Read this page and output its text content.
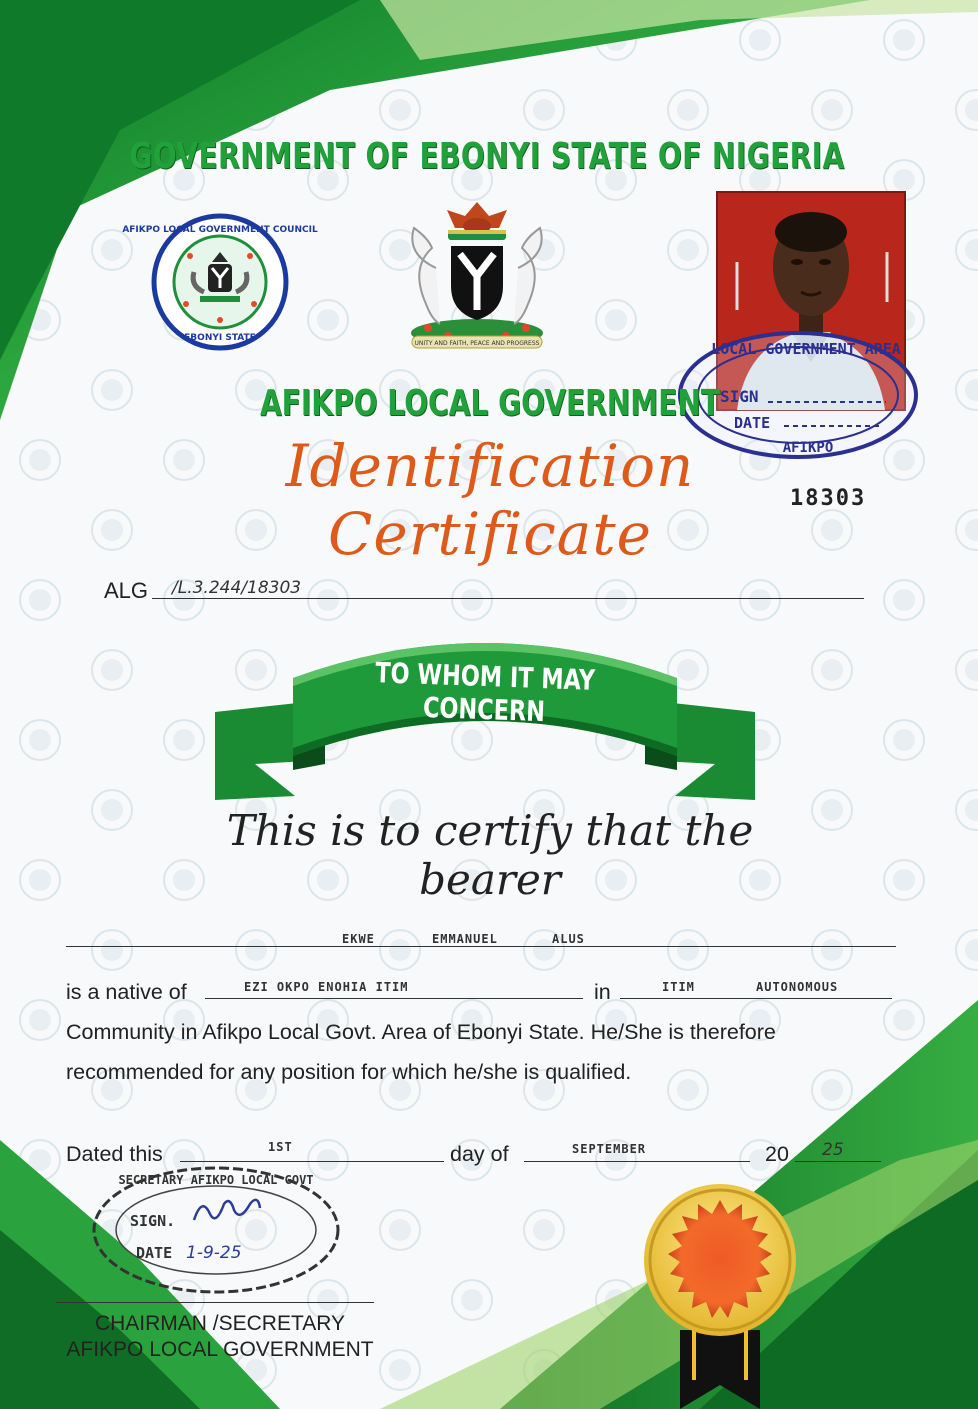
GOVERNMENT OF EBONYI STATE OF NIGERIA
AFIKPO LOCAL GOVERNMENT COUNCIL
EBONYI STATE
UNITY AND FAITH, PEACE AND PROGRESS	LOCAL GOVERNMENT AREA
SIGN
DATE
AFIKPO
AFIKPO LOCAL GOVERNMENT
Identification Certificate
18303
ALG /L.3.244/18303
TO WHOM IT MAY CONCERN
This is to certify that the bearer
EKWE	EMMANUEL	ALUS
is a native of	EZI OKPO ENOHIA ITIM	in	ITIM	AUTONOMOUS
Community in Afikpo Local Govt. Area of Ebonyi State. He/She is therefore
recommended for any position for which he/she is qualified.
Dated this	1ST	day of	SEPTEMBER	20	25
SECRETARY AFIKPO LOCAL GOVT
SIGN.
DATE 1-9-25
CHAIRMAN /SECRETARY
AFIKPO LOCAL GOVERNMENT
